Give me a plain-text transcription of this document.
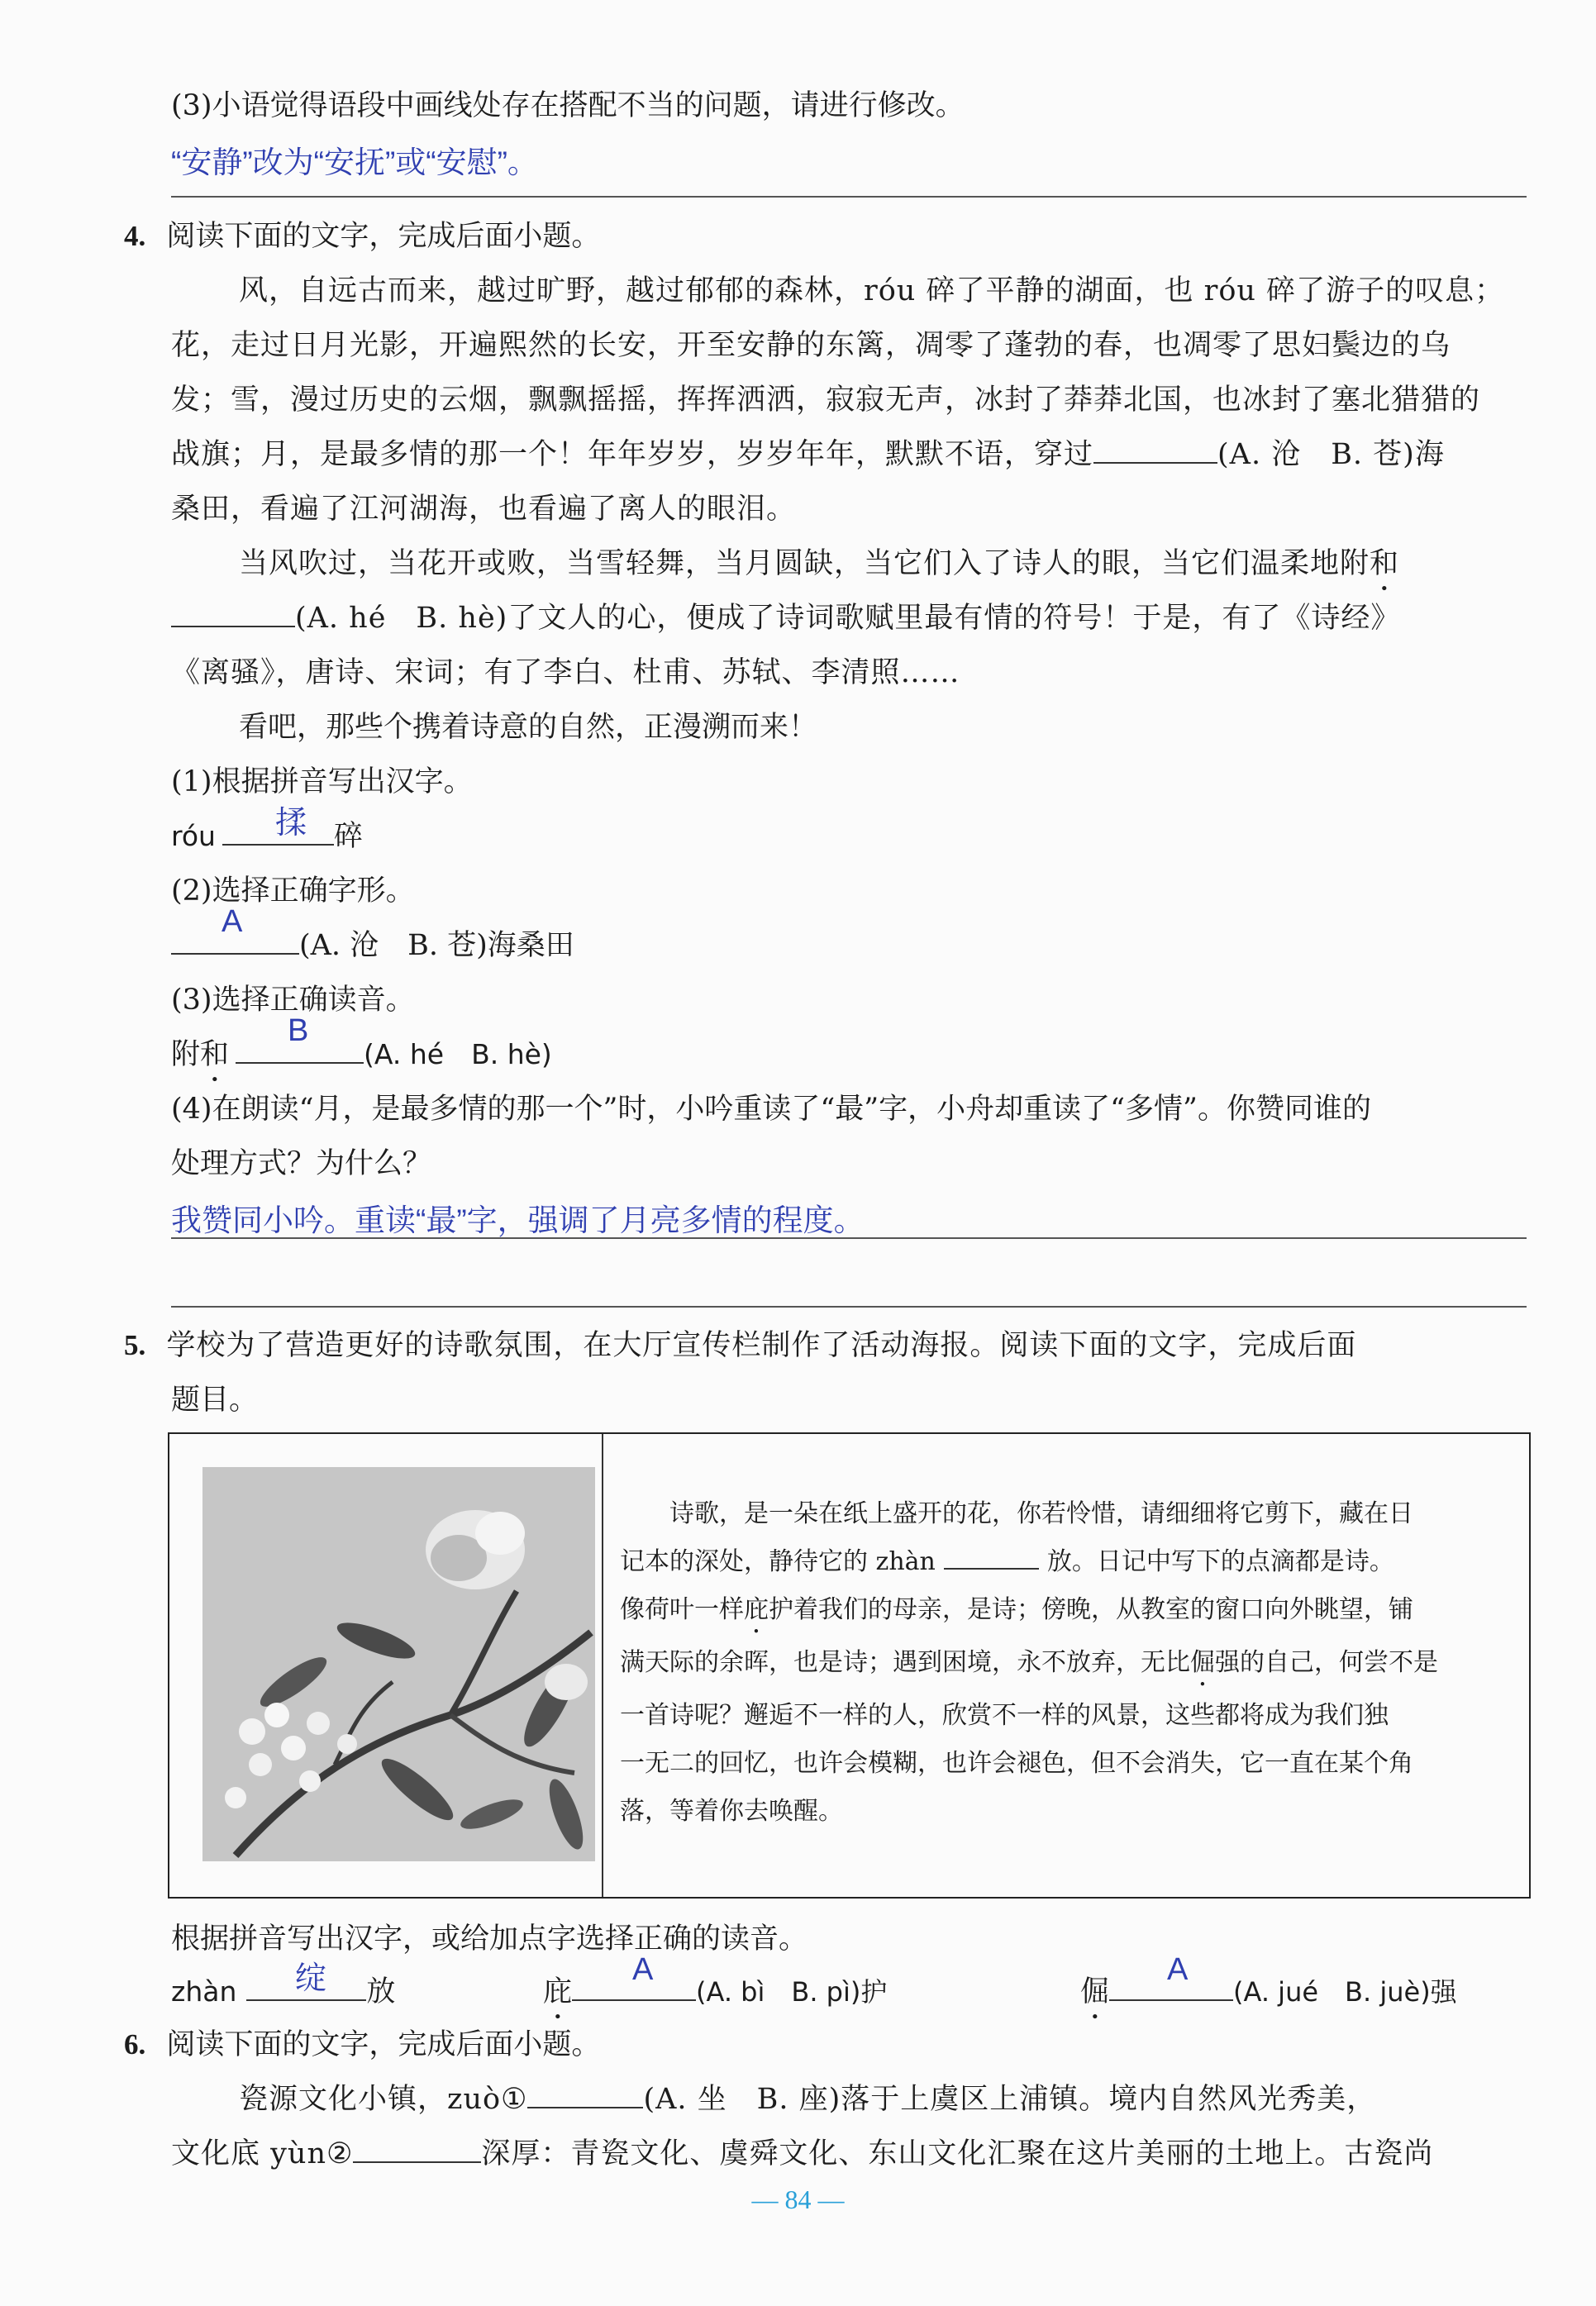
(3)小语觉得语段中画线处存在搭配不当的问题，请进行修改。
“安静”改为“安抚”或“安慰”。
4. 阅读下面的文字，完成后面小题。
风，自远古而来，越过旷野，越过郁郁的森林，róu 碎了平静的湖面，也 róu 碎了游子的叹息；
花，走过日月光影，开遍熙然的长安，开至安静的东篱，凋零了蓬勃的春，也凋零了思妇鬓边的乌
发；雪，漫过历史的云烟，飘飘摇摇，挥挥洒洒，寂寂无声，冰封了莽莽北国，也冰封了塞北猎猎的
战旗；月，是最多情的那一个！年年岁岁，岁岁年年，默默不语，穿过	(A. 沧　B. 苍)海
桑田，看遍了江河湖海，也看遍了离人的眼泪。
当风吹过，当花开或败，当雪轻舞，当月圆缺，当它们入了诗人的眼，当它们温柔地附和
(A. hé　B. hè)了文人的心，便成了诗词歌赋里最有情的符号！于是，有了《诗经》
《离骚》，唐诗、宋词；有了李白、杜甫、苏轼、李清照……
看吧，那些个携着诗意的自然，正漫溯而来！
(1)根据拼音写出汉字。
róu	碎
揉
(2)选择正确字形。
(A. 沧　B. 苍)海桑田
A
(3)选择正确读音。
附和	(A. hé　B. hè)
B
(4)在朗读“月，是最多情的那一个”时，小吟重读了“最”字，小舟却重读了“多情”。你赞同谁的
处理方式？为什么？
我赞同小吟。重读“最”字，强调了月亮多情的程度。
5. 学校为了营造更好的诗歌氛围，在大厅宣传栏制作了活动海报。阅读下面的文字，完成后面
题目。
诗歌，是一朵在纸上盛开的花，你若怜惜，请细细将它剪下，藏在日
记本的深处，静待它的 zhàn	放。日记中写下的点滴都是诗。
像荷叶一样庇护着我们的母亲，是诗；傍晚，从教室的窗口向外眺望，铺
满天际的余晖，也是诗；遇到困境，永不放弃，无比倔强的自己，何尝不是
一首诗呢？邂逅不一样的人，欣赏不一样的风景，这些都将成为我们独
一无二的回忆，也许会模糊，也许会褪色，但不会消失，它一直在某个角
落，等着你去唤醒。
根据拼音写出汉字，或给加点字选择正确的读音。
zhàn	放
绽	庇	(A. bì　B. pì)护
A
倔	(A. jué　B. juè)强
A
6. 阅读下面的文字，完成后面小题。
瓷源文化小镇，zuò①	(A. 坐　B. 座)落于上虞区上浦镇。境内自然风光秀美，
文化底 yùn②	深厚：青瓷文化、虞舜文化、东山文化汇聚在这片美丽的土地上。古瓷尚
— 84 —
